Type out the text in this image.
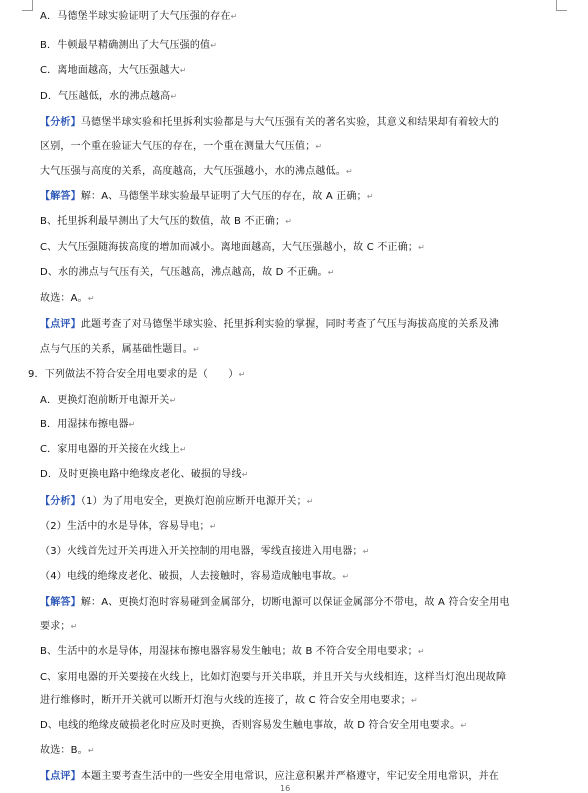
A．马德堡半球实验证明了大气压强的存在↵
B．牛顿最早精确测出了大气压强的值↵
C．离地面越高，大气压强越大↵
D．气压越低，水的沸点越高↵
【分析】马德堡半球实验和托里拆利实验都是与大气压强有关的著名实验，其意义和结果却有着较大的
区别，一个重在验证大气压的存在，一个重在测量大气压值；↵
大气压强与高度的关系，高度越高，大气压强越小，水的沸点越低。↵
【解答】解：A、马德堡半球实验最早证明了大气压的存在，故 A 正确；↵
B、托里拆利最早测出了大气压的数值，故 B 不正确；↵
C、大气压强随海拔高度的增加而减小。离地面越高，大气压强越小，故 C 不正确；↵
D、水的沸点与气压有关，气压越高，沸点越高，故 D 不正确。↵
故选：A。↵
【点评】此题考查了对马德堡半球实验、托里拆利实验的掌握，同时考查了气压与海拔高度的关系及沸
点与气压的关系，属基础性题目。↵
9．下列做法不符合安全用电要求的是（　　）↵
A．更换灯泡前断开电源开关↵
B．用湿抹布擦电器↵
C．家用电器的开关接在火线上↵
D．及时更换电路中绝缘皮老化、破损的导线↵
【分析】（1）为了用电安全，更换灯泡前应断开电源开关；↵
（2）生活中的水是导体，容易导电；↵
（3）火线首先过开关再进入开关控制的用电器，零线直接进入用电器；↵
（4）电线的绝缘皮老化、破损，人去接触时，容易造成触电事故。↵
【解答】解：A、更换灯泡时容易碰到金属部分，切断电源可以保证金属部分不带电，故 A 符合安全用电
要求；↵
B、生活中的水是导体，用湿抹布擦电器容易发生触电；故 B 不符合安全用电要求；↵
C、家用电器的开关要接在火线上，比如灯泡要与开关串联，并且开关与火线相连，这样当灯泡出现故障
进行维修时，断开开关就可以断开灯泡与火线的连接了，故 C 符合安全用电要求；↵
D、电线的绝缘皮破损老化时应及时更换，否则容易发生触电事故，故 D 符合安全用电要求。↵
故选：B。↵
【点评】本题主要考查生活中的一些安全用电常识，应注意积累并严格遵守，牢记安全用电常识，并在
16
